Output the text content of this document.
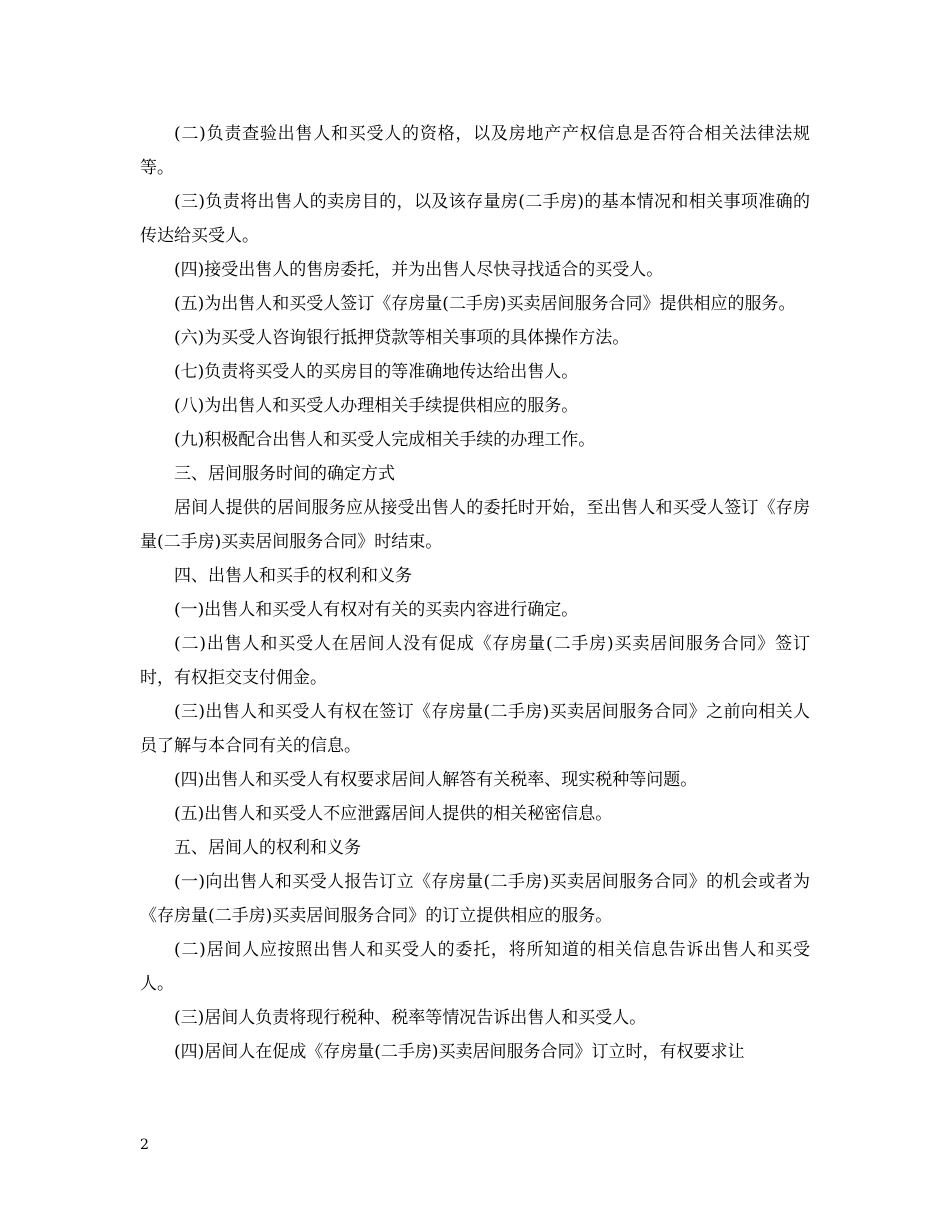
(二)负责查验出售人和买受人的资格，以及房地产产权信息是否符合相关法律法规等。

(三)负责将出售人的卖房目的，以及该存量房(二手房)的基本情况和相关事项准确的传达给买受人。

(四)接受出售人的售房委托，并为出售人尽快寻找适合的买受人。

(五)为出售人和买受人签订《存房量(二手房)买卖居间服务合同》提供相应的服务。

(六)为买受人咨询银行抵押贷款等相关事项的具体操作方法。

(七)负责将买受人的买房目的等准确地传达给出售人。

(八)为出售人和买受人办理相关手续提供相应的服务。

(九)积极配合出售人和买受人完成相关手续的办理工作。

三、居间服务时间的确定方式

居间人提供的居间服务应从接受出售人的委托时开始，至出售人和买受人签订《存房量(二手房)买卖居间服务合同》时结束。

四、出售人和买手的权利和义务

(一)出售人和买受人有权对有关的买卖内容进行确定。

(二)出售人和买受人在居间人没有促成《存房量(二手房)买卖居间服务合同》签订时，有权拒交支付佣金。

(三)出售人和买受人有权在签订《存房量(二手房)买卖居间服务合同》之前向相关人员了解与本合同有关的信息。

(四)出售人和买受人有权要求居间人解答有关税率、现实税种等问题。

(五)出售人和买受人不应泄露居间人提供的相关秘密信息。

五、居间人的权利和义务

(一)向出售人和买受人报告订立《存房量(二手房)买卖居间服务合同》的机会或者为《存房量(二手房)买卖居间服务合同》的订立提供相应的服务。

(二)居间人应按照出售人和买受人的委托，将所知道的相关信息告诉出售人和买受人。

(三)居间人负责将现行税种、税率等情况告诉出售人和买受人。

(四)居间人在促成《存房量(二手房)买卖居间服务合同》订立时，有权要求让

2
